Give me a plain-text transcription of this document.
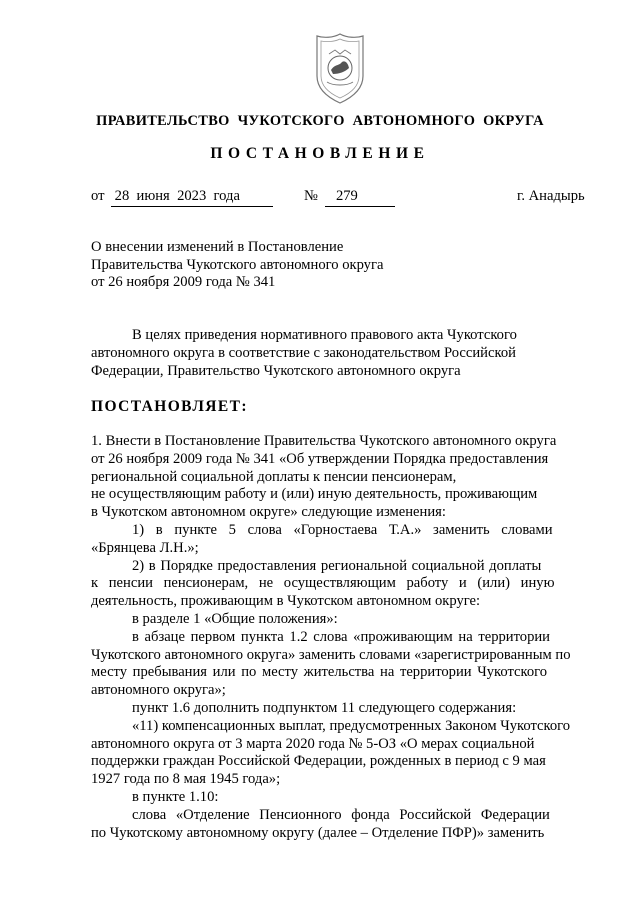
ПРАВИТЕЛЬСТВО  ЧУКОТСКОГО  АВТОНОМНОГО  ОКРУГА
ПОСТАНОВЛЕНИЕ
от 28  июня  2023  года	№ 279	г. Анадырь
О внесении изменений в Постановление
Правительства Чукотского автономного округа
от 26 ноября 2009 года № 341
В целях приведения нормативного правового акта Чукотского
автономного округа в соответствие с законодательством Российской
Федерации, Правительство Чукотского автономного округа
ПОСТАНОВЛЯЕТ:
1. Внести в Постановление Правительства Чукотского автономного округа
от 26 ноября 2009 года № 341 «Об утверждении Порядка предоставления
региональной социальной доплаты к пенсии пенсионерам,
не осуществляющим работу и (или) иную деятельность, проживающим
в Чукотском автономном округе» следующие изменения:
1) в пункте 5 слова «Горностаева Т.А.» заменить словами
«Брянцева Л.Н.»;
2) в Порядке предоставления региональной социальной доплаты
к пенсии пенсионерам, не осуществляющим работу и (или) иную
деятельность, проживающим в Чукотском автономном округе:
в разделе 1 «Общие положения»:
в абзаце первом пункта 1.2 слова «проживающим на территории
Чукотского автономного округа» заменить словами «зарегистрированным по
месту пребывания или по месту жительства на территории Чукотского
автономного округа»;
пункт 1.6 дополнить подпунктом 11 следующего содержания:
«11) компенсационных выплат, предусмотренных Законом Чукотского
автономного округа от 3 марта 2020 года № 5-ОЗ «О мерах социальной
поддержки граждан Российской Федерации, рожденных в период с 9 мая
1927 года по 8 мая 1945 года»;
в пункте 1.10:
слова «Отделение Пенсионного фонда Российской Федерации
по Чукотскому автономному округу (далее – Отделение ПФР)» заменить
